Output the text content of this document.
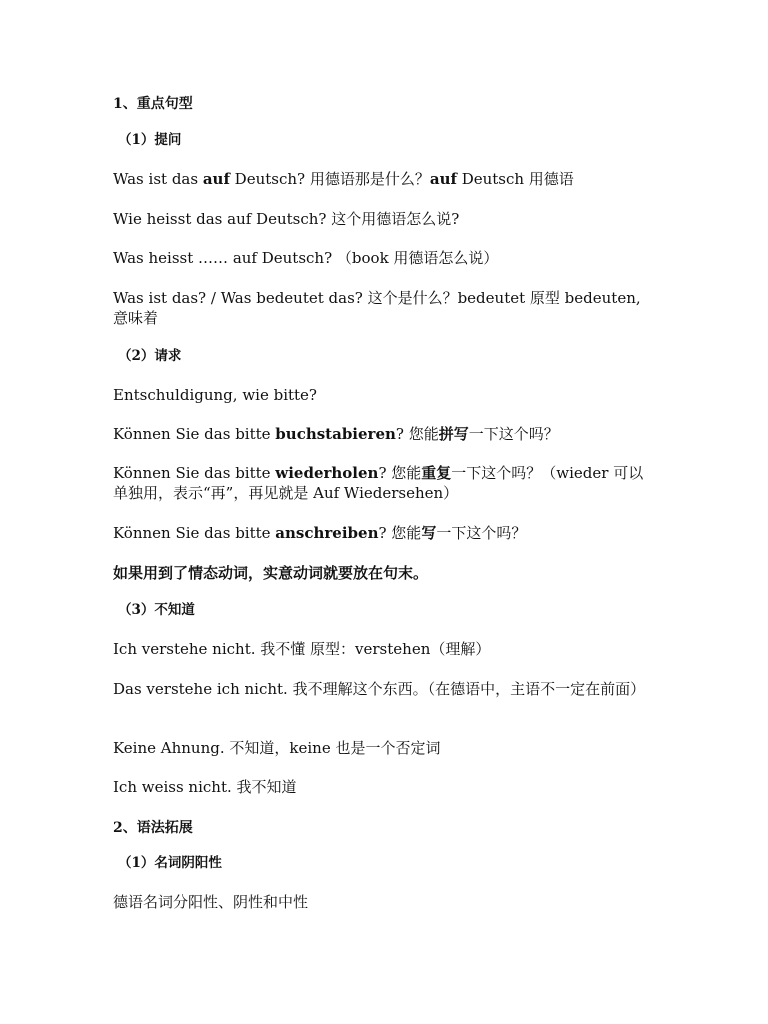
1、重点句型
（1）提问
Was ist das auf Deutsch? 用德语那是什么？auf Deutsch 用德语
Wie heisst das auf Deutsch? 这个用德语怎么说?
Was heisst …… auf Deutsch? （book 用德语怎么说）
Was ist das? / Was bedeutet das? 这个是什么？bedeutet 原型 bedeuten, 意味着
（2）请求
Entschuldigung, wie bitte?
Können Sie das bitte buchstabieren? 您能拼写一下这个吗？
Können Sie das bitte wiederholen? 您能重复一下这个吗？（wieder 可以单独用，表示“再”，再见就是 Auf Wiedersehen）
Können Sie das bitte anschreiben? 您能写一下这个吗？
如果用到了情态动词，实意动词就要放在句末。
（3）不知道
Ich verstehe nicht. 我不懂 原型：verstehen（理解）
Das verstehe ich nicht. 我不理解这个东西。（在德语中，主语不一定在前面）
Keine Ahnung. 不知道，keine 也是一个否定词
Ich weiss nicht. 我不知道
2、语法拓展
（1）名词阴阳性
德语名词分阳性、阴性和中性
